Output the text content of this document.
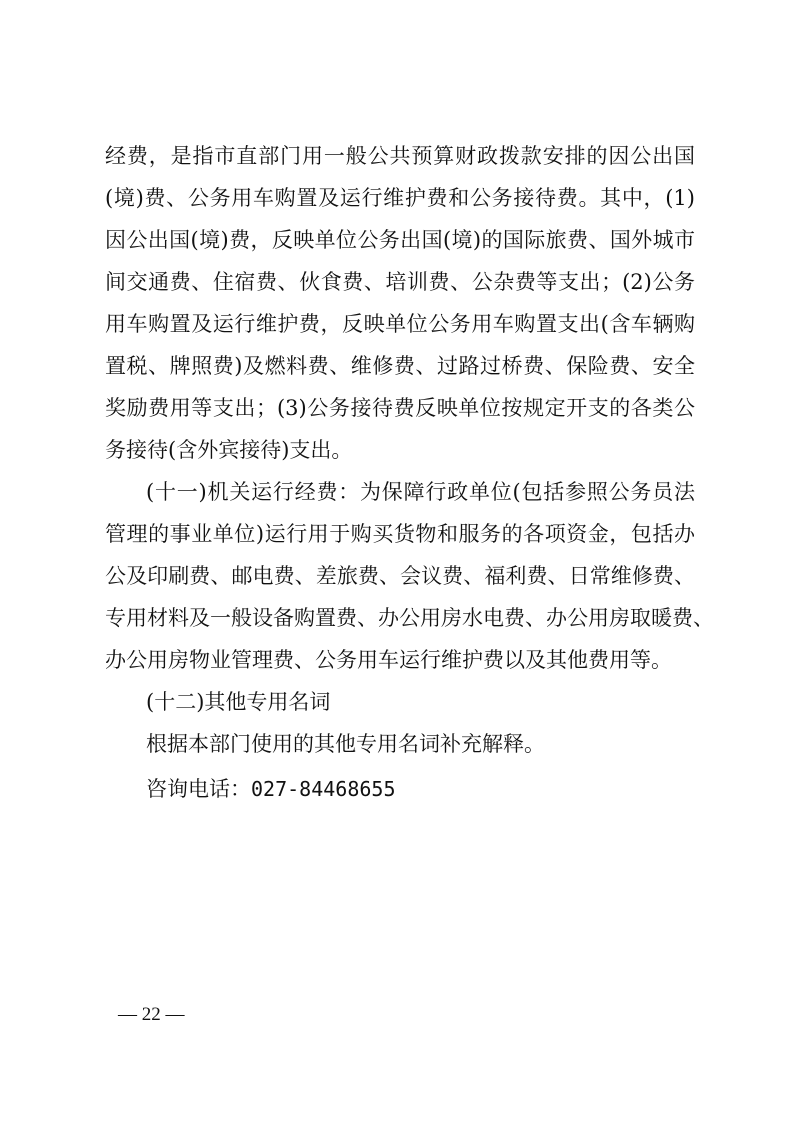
经费，是指市直部门用一般公共预算财政拨款安排的因公出国
(境)费、公务用车购置及运行维护费和公务接待费。其中，(1)
因公出国(境)费，反映单位公务出国(境)的国际旅费、国外城市
间交通费、住宿费、伙食费、培训费、公杂费等支出；(2)公务
用车购置及运行维护费，反映单位公务用车购置支出(含车辆购
置税、牌照费)及燃料费、维修费、过路过桥费、保险费、安全
奖励费用等支出；(3)公务接待费反映单位按规定开支的各类公
务接待(含外宾接待)支出。
(十一)机关运行经费：为保障行政单位(包括参照公务员法
管理的事业单位)运行用于购买货物和服务的各项资金，包括办
公及印刷费、邮电费、差旅费、会议费、福利费、日常维修费、
专用材料及一般设备购置费、办公用房水电费、办公用房取暖费、
办公用房物业管理费、公务用车运行维护费以及其他费用等。
(十二)其他专用名词
根据本部门使用的其他专用名词补充解释。
咨询电话：027-84468655
— 22 —
